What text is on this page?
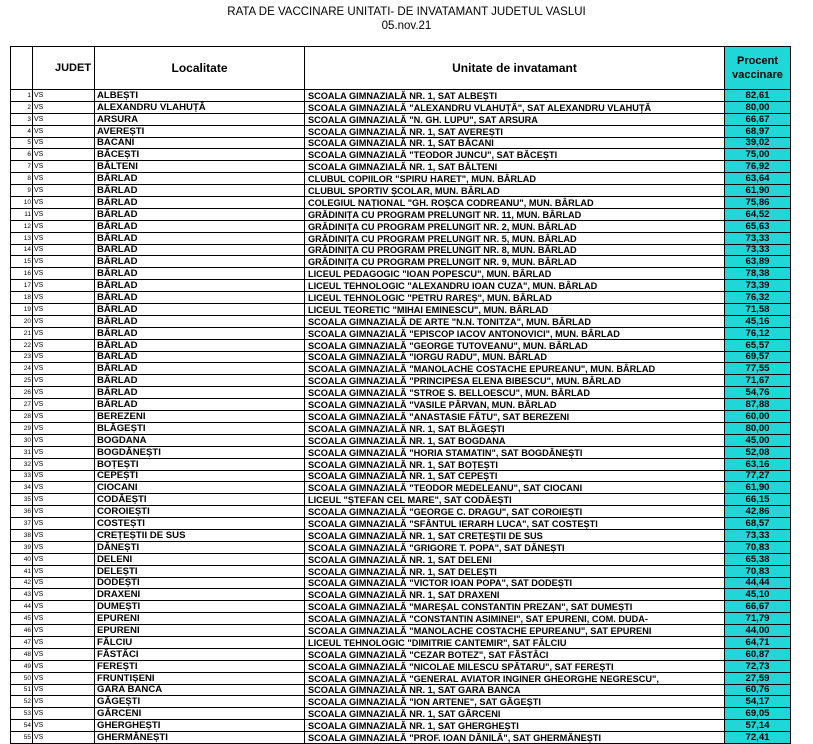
RATA DE VACCINARE UNITATI- DE INVATAMANT JUDETUL VASLUI
05.nov.21
	JUDET	Localitate	Unitate de invatamant	Procent vaccinare
1	VS	ALBEȘTI	SCOALA GIMNAZIALĂ NR. 1, SAT ALBEȘTI	82,61
2	VS	ALEXANDRU VLAHUȚĂ	SCOALA GIMNAZIALĂ "ALEXANDRU VLAHUȚĂ", SAT ALEXANDRU VLAHUȚĂ	80,00
3	VS	ARSURA	SCOALA GIMNAZIALĂ "N. GH. LUPU", SAT ARSURA	66,67
4	VS	AVEREȘTI	SCOALA GIMNAZIALĂ NR. 1, SAT AVEREȘTI	68,97
5	VS	BĂCANI	SCOALA GIMNAZIALĂ NR. 1, SAT BĂCANI	39,02
6	VS	BĂCEȘTI	SCOALA GIMNAZIALĂ "TEODOR JUNCU", SAT BĂCEȘTI	75,00
7	VS	BĂLTENI	SCOALA GIMNAZIALĂ NR. 1, SAT BĂLTENI	76,92
8	VS	BÂRLAD	CLUBUL COPIILOR "SPIRU HARET", MUN. BÂRLAD	63,64
9	VS	BÂRLAD	CLUBUL SPORTIV ȘCOLAR, MUN. BÂRLAD	61,90
10	VS	BÂRLAD	COLEGIUL NAȚIONAL "GH. ROȘCA CODREANU", MUN. BÂRLAD	75,86
11	VS	BÂRLAD	GRĂDINIȚA CU PROGRAM PRELUNGIT NR. 11, MUN. BÂRLAD	64,52
12	VS	BÂRLAD	GRĂDINIȚA CU PROGRAM PRELUNGIT NR. 2, MUN. BÂRLAD	65,63
13	VS	BÂRLAD	GRĂDINIȚA CU PROGRAM PRELUNGIT NR. 5, MUN. BÂRLAD	73,33
14	VS	BÂRLAD	GRĂDINIȚA CU PROGRAM PRELUNGIT NR. 8, MUN. BÂRLAD	73,33
15	VS	BÂRLAD	GRĂDINIȚA CU PROGRAM PRELUNGIT NR. 9, MUN. BÂRLAD	63,89
16	VS	BÂRLAD	LICEUL PEDAGOGIC "IOAN POPESCU", MUN. BÂRLAD	78,38
17	VS	BÂRLAD	LICEUL TEHNOLOGIC "ALEXANDRU IOAN CUZA", MUN. BÂRLAD	73,39
18	VS	BÂRLAD	LICEUL TEHNOLOGIC "PETRU RAREȘ", MUN. BÂRLAD	76,32
19	VS	BÂRLAD	LICEUL TEORETIC "MIHAI EMINESCU", MUN. BÂRLAD	71,58
20	VS	BÂRLAD	SCOALA GIMNAZIALĂ DE ARTE "N.N. TONITZA", MUN. BÂRLAD	45,16
21	VS	BÂRLAD	SCOALA GIMNAZIALĂ "EPISCOP IACOV ANTONOVICI", MUN. BÂRLAD	76,12
22	VS	BÂRLAD	SCOALA GIMNAZIALĂ "GEORGE TUTOVEANU", MUN. BÂRLAD	65,57
23	VS	BÂRLAD	SCOALA GIMNAZIALĂ "IORGU RADU", MUN. BÂRLAD	69,57
24	VS	BÂRLAD	SCOALA GIMNAZIALĂ "MANOLACHE COSTACHE EPUREANU", MUN. BÂRLAD	77,55
25	VS	BÂRLAD	SCOALA GIMNAZIALĂ "PRINCIPESA ELENA BIBESCU", MUN. BÂRLAD	71,67
26	VS	BÂRLAD	SCOALA GIMNAZIALĂ "STROE S. BELLOESCU", MUN. BÂRLAD	54,76
27	VS	BÂRLAD	SCOALA GIMNAZIALĂ "VASILE PÂRVAN, MUN. BÂRLAD	87,88
28	VS	BEREZENI	SCOALA GIMNAZIALĂ "ANASTASIE FĂTU", SAT BEREZENI	60,00
29	VS	BLĂGEȘTI	SCOALA GIMNAZIALĂ NR. 1, SAT BLĂGEȘTI	80,00
30	VS	BOGDANA	SCOALA GIMNAZIALĂ NR. 1, SAT BOGDANA	45,00
31	VS	BOGDĂNEȘTI	SCOALA GIMNAZIALĂ "HORIA STAMATIN", SAT BOGDĂNEȘTI	52,08
32	VS	BOȚEȘTI	SCOALA GIMNAZIALĂ NR. 1, SAT BOȚEȘTI	63,16
33	VS	CEPEȘTI	SCOALA GIMNAZIALĂ NR. 1, SAT CEPEȘTI	77,27
34	VS	CIOCANI	SCOALA GIMNAZIALĂ "TEODOR MEDELEANU", SAT CIOCANI	61,90
35	VS	CODĂEȘTI	LICEUL "ȘTEFAN CEL MARE", SAT CODĂEȘTI	66,15
36	VS	COROIEȘTI	SCOALA GIMNAZIALĂ "GEORGE C. DRAGU", SAT COROIEȘTI	42,86
37	VS	COSTEȘTI	SCOALA GIMNAZIALĂ "SFÂNTUL IERARH LUCA", SAT COSTEȘTI	68,57
38	VS	CREȚEȘTII DE SUS	SCOALA GIMNAZIALĂ NR. 1, SAT CREȚEȘTII DE SUS	73,33
39	VS	DĂNEȘTI	SCOALA GIMNAZIALĂ "GRIGORE T. POPA", SAT DĂNEȘTI	70,83
40	VS	DELENI	SCOALA GIMNAZIALĂ NR. 1, SAT DELENI	65,38
41	VS	DELEȘTI	SCOALA GIMNAZIALĂ NR. 1, SAT DELEȘTI	70,83
42	VS	DODEȘTI	SCOALA GIMNAZIALĂ "VICTOR IOAN POPA", SAT DODEȘTI	44,44
43	VS	DRAXENI	SCOALA GIMNAZIALĂ NR. 1, SAT DRAXENI	45,10
44	VS	DUMEȘTI	SCOALA GIMNAZIALĂ "MAREȘAL CONSTANTIN PREZAN", SAT DUMEȘTI	66,67
45	VS	EPURENI	SCOALA GIMNAZIALĂ "CONSTANTIN ASIMINEI", SAT EPURENI, COM. DUDA-	71,79
46	VS	EPURENI	SCOALA GIMNAZIALĂ "MANOLACHE COSTACHE EPUREANU", SAT EPURENI	44,00
47	VS	FĂLCIU	LICEUL TEHNOLOGIC "DIMITRIE CANTEMIR", SAT FĂLCIU	64,71
48	VS	FĂSTÂCI	SCOALA GIMNAZIALĂ "CEZAR BOTEZ", SAT FĂSTÂCI	60,87
49	VS	FEREȘTI	SCOALA GIMNAZIALĂ "NICOLAE MILESCU SPĂTARU", SAT FEREȘTI	72,73
50	VS	FRUNTIȘENI	SCOALA GIMNAZIALĂ "GENERAL AVIATOR INGINER GHEORGHE NEGRESCU",	27,59
51	VS	GARA BANCA	SCOALA GIMNAZIALĂ NR. 1, SAT GARA BANCA	60,76
52	VS	GĂGEȘTI	SCOALA GIMNAZIALĂ "ION ARTENE", SAT GĂGEȘTI	54,17
53	VS	GÂRCENI	SCOALA GIMNAZIALĂ NR. 1, SAT GÂRCENI	69,05
54	VS	GHERGHEȘTI	SCOALA GIMNAZIALĂ NR. 1, SAT GHERGHEȘTI	57,14
55	VS	GHERMĂNEȘTI	SCOALA GIMNAZIALĂ "PROF. IOAN DĂNILĂ", SAT GHERMĂNEȘTI	72,41
